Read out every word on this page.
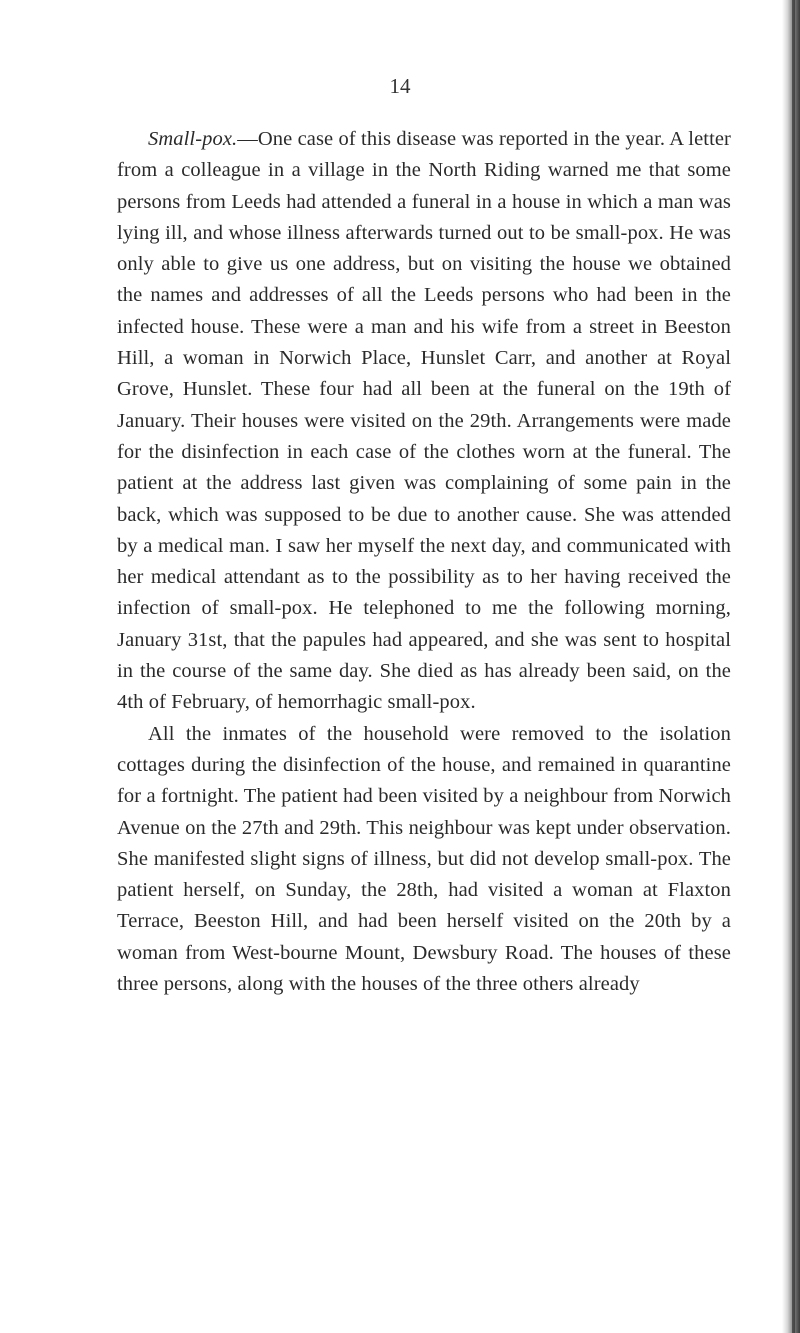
14

Small-pox.—One case of this disease was reported in the year. A letter from a colleague in a village in the North Riding warned me that some persons from Leeds had attended a funeral in a house in which a man was lying ill, and whose illness afterwards turned out to be small-pox. He was only able to give us one address, but on visiting the house we obtained the names and addresses of all the Leeds persons who had been in the infected house. These were a man and his wife from a street in Beeston Hill, a woman in Norwich Place, Hunslet Carr, and another at Royal Grove, Hunslet. These four had all been at the funeral on the 19th of January. Their houses were visited on the 29th. Arrangements were made for the disinfection in each case of the clothes worn at the funeral. The patient at the address last given was complaining of some pain in the back, which was supposed to be due to another cause. She was attended by a medical man. I saw her myself the next day, and communicated with her medical attendant as to the possibility as to her having received the infection of small-pox. He telephoned to me the following morning, January 31st, that the papules had appeared, and she was sent to hospital in the course of the same day. She died as has already been said, on the 4th of February, of hemorrhagic small-pox.

All the inmates of the household were removed to the isolation cottages during the disinfection of the house, and remained in quarantine for a fortnight. The patient had been visited by a neighbour from Norwich Avenue on the 27th and 29th. This neighbour was kept under observation. She manifested slight signs of illness, but did not develop small-pox. The patient herself, on Sunday, the 28th, had visited a woman at Flaxton Terrace, Beeston Hill, and had been herself visited on the 20th by a woman from West-bourne Mount, Dewsbury Road. The houses of these three persons, along with the houses of the three others already
